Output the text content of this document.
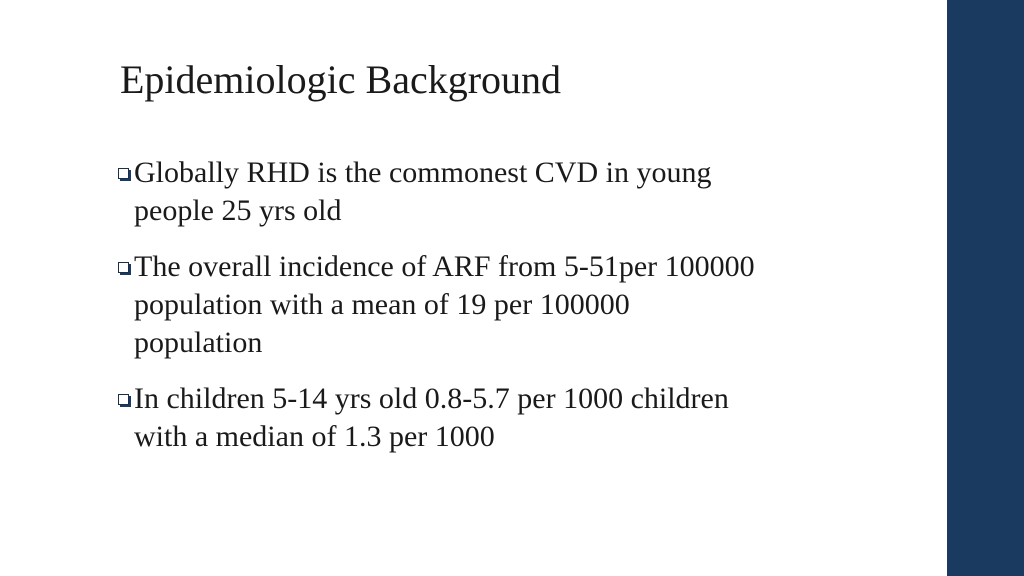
Epidemiologic Background
Globally RHD is the commonest CVD in young people 25 yrs old
The overall incidence of ARF from 5-51per 100000 population with a mean of 19 per 100000 population
In children 5-14 yrs old 0.8-5.7 per 1000 children with a median of 1.3 per 1000
